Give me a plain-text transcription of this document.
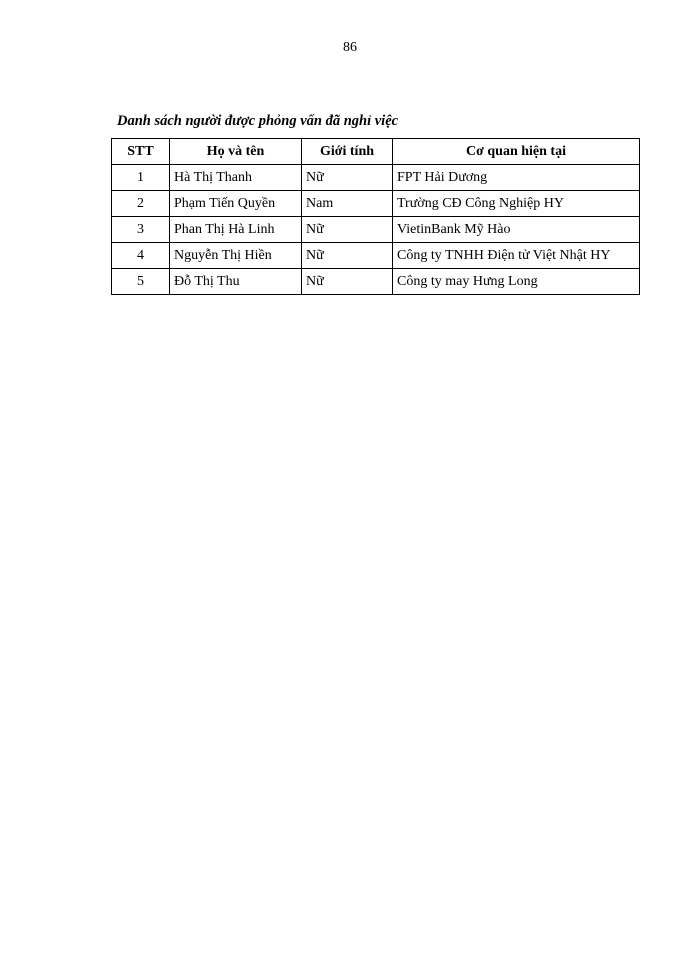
86
Danh sách người được phỏng vấn đã nghỉ việc
STT	Họ và tên	Giới tính	Cơ quan hiện tại
1	Hà Thị Thanh	Nữ	FPT Hải Dương
2	Phạm Tiến Quyền	Nam	Trường CĐ Công Nghiệp HY
3	Phan Thị Hà Linh	Nữ	VietinBank Mỹ Hào
4	Nguyễn Thị Hiền	Nữ	Công ty TNHH Điện tử Việt Nhật HY
5	Đỗ Thị Thu	Nữ	Công ty may Hưng Long
